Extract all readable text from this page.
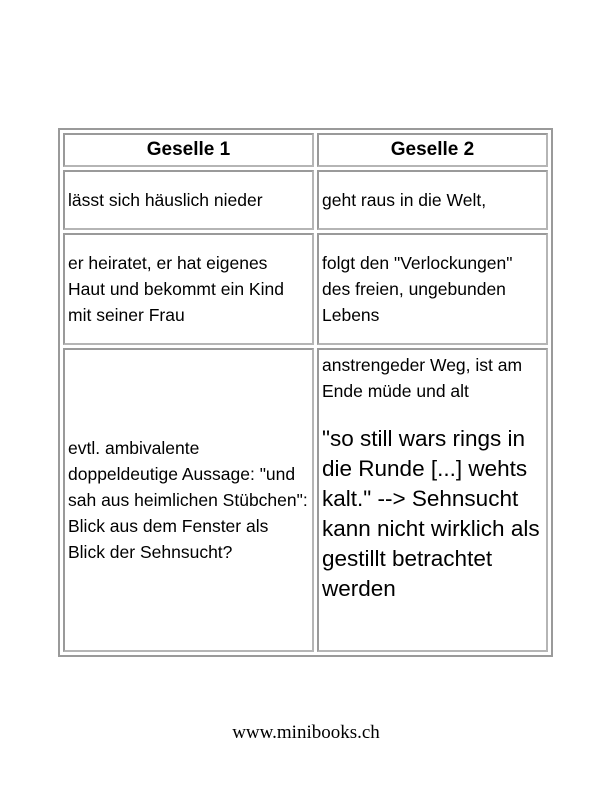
Geselle 1	Geselle 2
lässt sich häuslich nieder	geht raus in die Welt,
er heiratet, er hat eigenes Haut und bekommt ein Kind mit seiner Frau	folgt den "Verlockungen"
des freien, ungebunden Lebens

evtl. ambivalente doppeldeutige Aussage: "und sah aus heimlichen Stübchen": Blick aus dem Fenster als Blick der Sehnsucht?	anstrengeder Weg, ist am Ende müde und alt
"so still wars rings in die Runde [...] wehts kalt." --> Sehnsucht kann nicht wirklich als gestillt betrachtet werden
www.minibooks.ch
